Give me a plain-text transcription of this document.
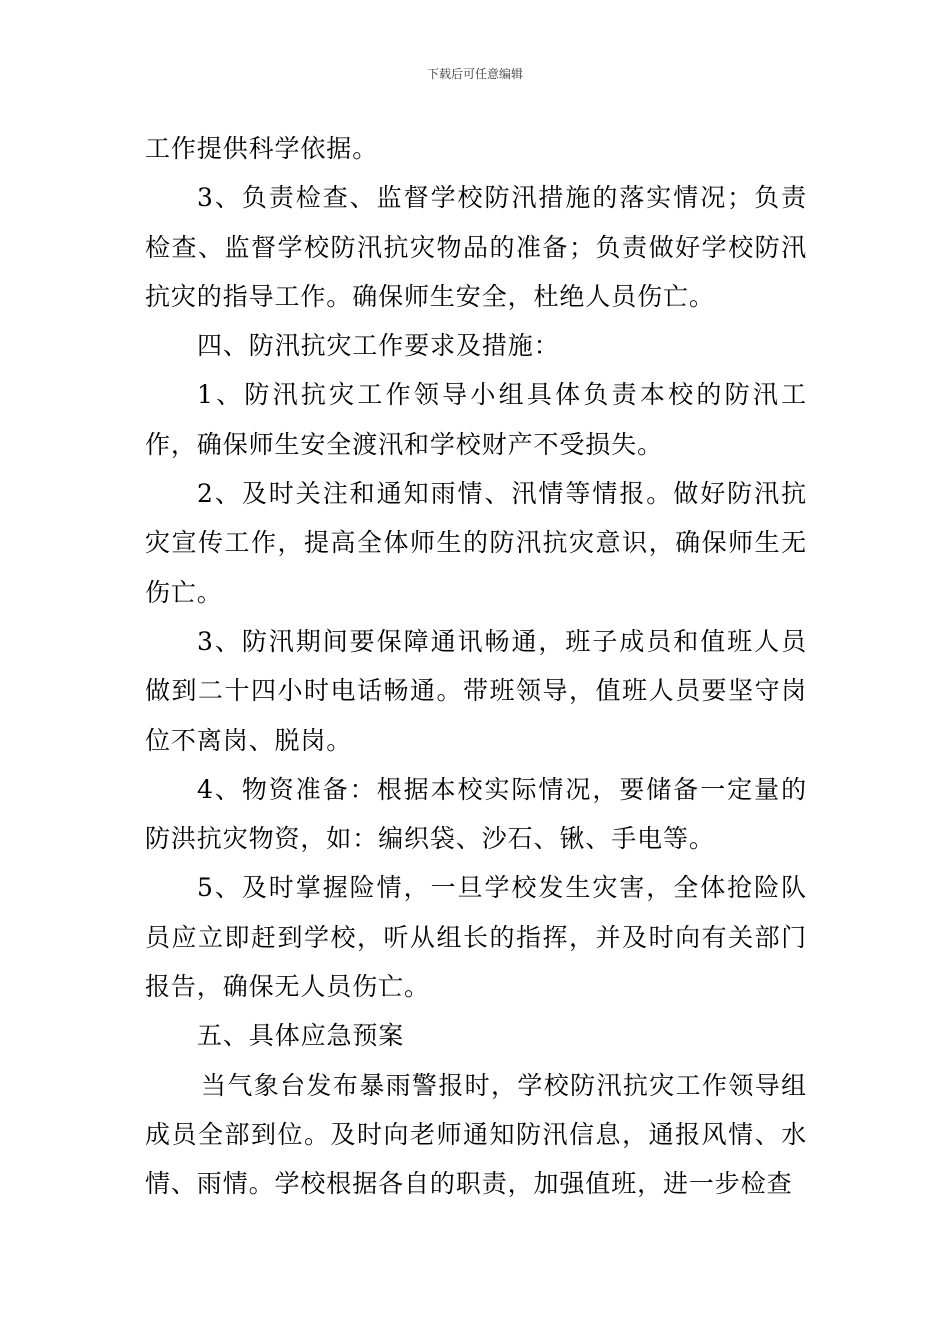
下载后可任意编辑

工作提供科学依据。

3、负责检查、监督学校防汛措施的落实情况；负责检查、监督学校防汛抗灾物品的准备；负责做好学校防汛抗灾的指导工作。确保师生安全，杜绝人员伤亡。

四、防汛抗灾工作要求及措施：

1、防汛抗灾工作领导小组具体负责本校的防汛工作，确保师生安全渡汛和学校财产不受损失。

2、及时关注和通知雨情、汛情等情报。做好防汛抗灾宣传工作，提高全体师生的防汛抗灾意识，确保师生无伤亡。

3、防汛期间要保障通讯畅通，班子成员和值班人员做到二十四小时电话畅通。带班领导，值班人员要坚守岗位不离岗、脱岗。

4、物资准备：根据本校实际情况，要储备一定量的防洪抗灾物资，如：编织袋、沙石、锹、手电等。

5、及时掌握险情，一旦学校发生灾害，全体抢险队员应立即赶到学校，听从组长的指挥，并及时向有关部门报告，确保无人员伤亡。

五、具体应急预案

当气象台发布暴雨警报时，学校防汛抗灾工作领导组成员全部到位。及时向老师通知防汛信息，通报风情、水情、雨情。学校根据各自的职责，加强值班，进一步检查
